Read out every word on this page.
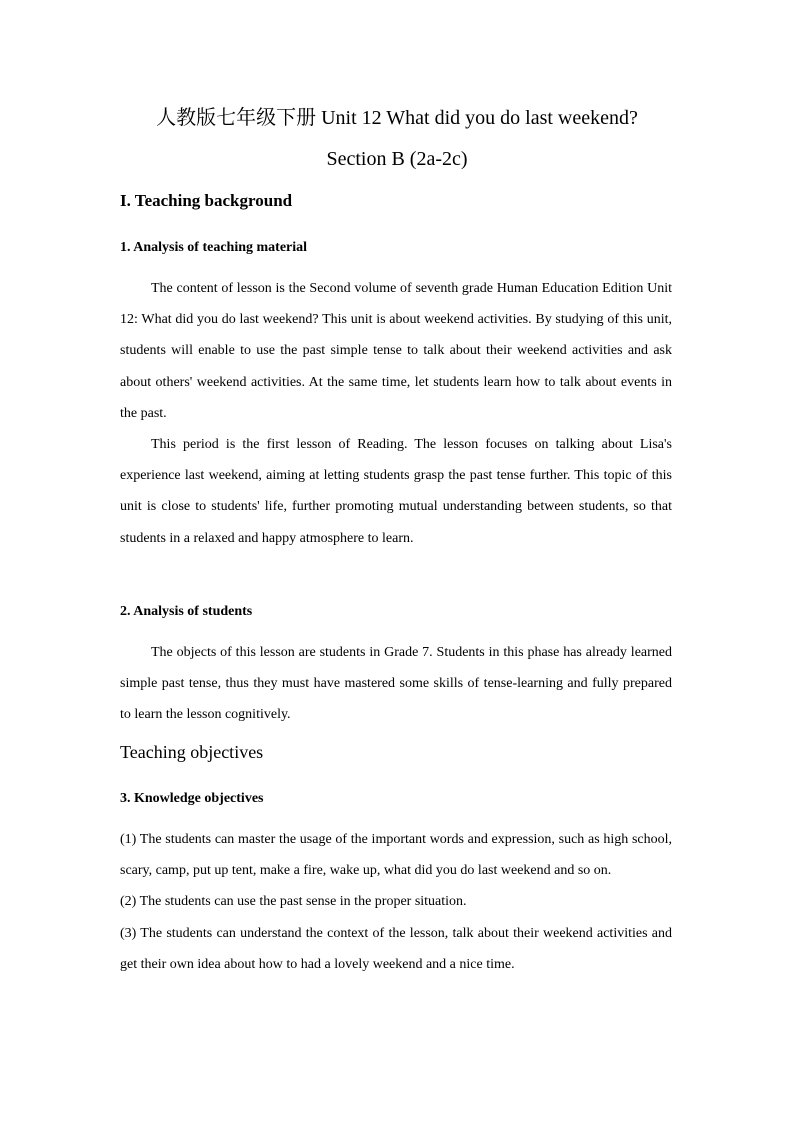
人教版七年级下册 Unit 12 What did you do last weekend?
Section B (2a-2c)
I. Teaching background
1. Analysis of teaching material
The content of lesson is the Second volume of seventh grade Human Education Edition Unit 12: What did you do last weekend? This unit is about weekend activities. By studying of this unit, students will enable to use the past simple tense to talk about their weekend activities and ask about others' weekend activities. At the same time, let students learn how to talk about events in the past.
This period is the first lesson of Reading. The lesson focuses on talking about Lisa's experience last weekend, aiming at letting students grasp the past tense further. This topic of this unit is close to students' life, further promoting mutual understanding between students, so that students in a relaxed and happy atmosphere to learn.
2. Analysis of students
The objects of this lesson are students in Grade 7. Students in this phase has already learned simple past tense, thus they must have mastered some skills of tense-learning and fully prepared to learn the lesson cognitively.
Teaching objectives
3. Knowledge objectives
(1) The students can master the usage of the important words and expression, such as high school, scary, camp, put up tent, make a fire, wake up, what did you do last weekend and so on.
(2) The students can use the past sense in the proper situation.
(3) The students can understand the context of the lesson, talk about their weekend activities and get their own idea about how to had a lovely weekend and a nice time.
